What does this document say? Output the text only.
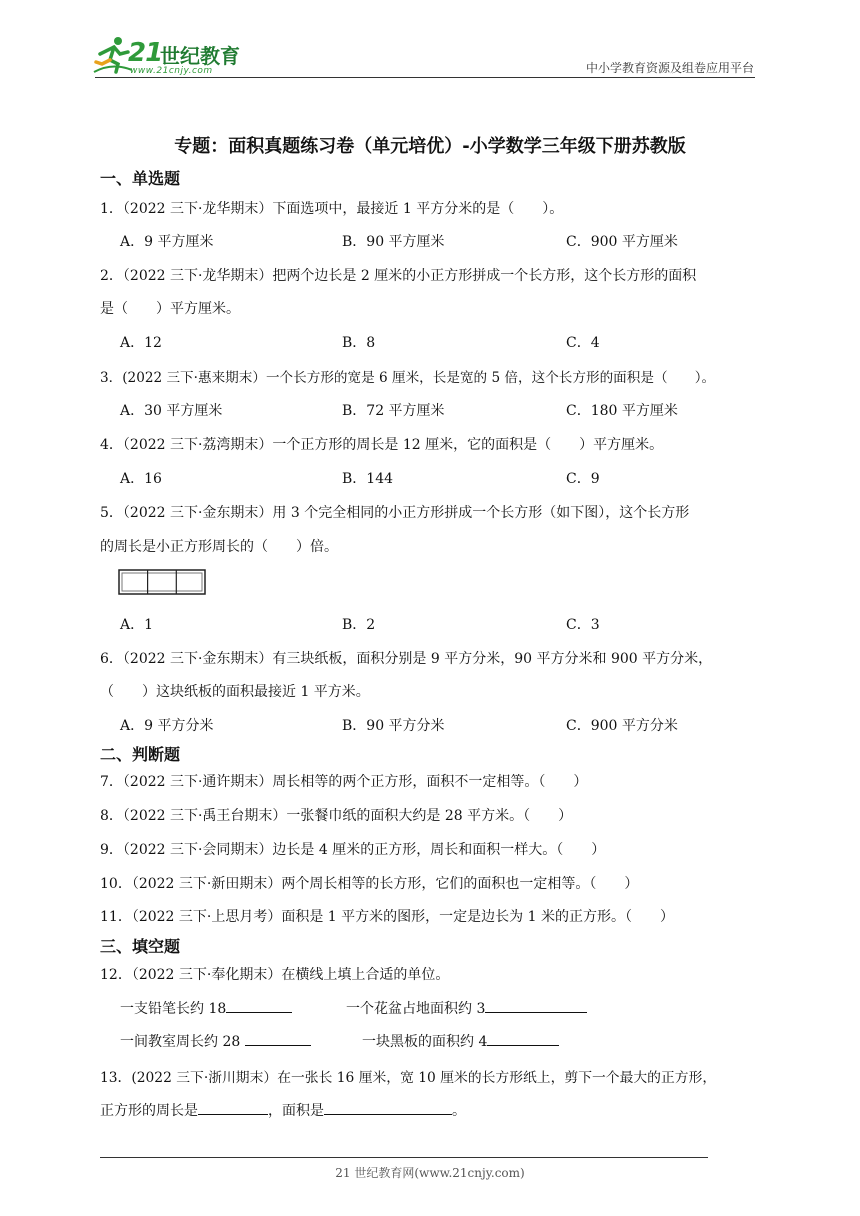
21
世纪教育
www.21cnjy.com	中小学教育资源及组卷应用平台
专题：面积真题练习卷（单元培优）-小学数学三年级下册苏教版
一、单选题
1．（2022 三下·龙华期末）下面选项中，最接近 1 平方分米的是（　　）。
A．9 平方厘米	B．90 平方厘米	C．900 平方厘米
2．（2022 三下·龙华期末）把两个边长是 2 厘米的小正方形拼成一个长方形，这个长方形的面积
是（　　）平方厘米。
A．12	B．8	C．4
3．(2022 三下·惠来期末）一个长方形的宽是 6 厘米，长是宽的 5 倍，这个长方形的面积是（　　）。
A．30 平方厘米	B．72 平方厘米	C．180 平方厘米
4．（2022 三下·荔湾期末）一个正方形的周长是 12 厘米，它的面积是（　　）平方厘米。
A．16	B．144	C．9
5．（2022 三下·金东期末）用 3 个完全相同的小正方形拼成一个长方形（如下图），这个长方形
的周长是小正方形周长的（　　）倍。
A．1	B．2	C．3
6．（2022 三下·金东期末）有三块纸板，面积分别是 9 平方分米，90 平方分米和 900 平方分米，
（　　）这块纸板的面积最接近 1 平方米。
A．9 平方分米	B．90 平方分米	C．900 平方分米
二、判断题
7．（2022 三下·通许期末）周长相等的两个正方形，面积不一定相等。（　　）
8．（2022 三下·禹王台期末）一张餐巾纸的面积大约是 28 平方米。（　　）
9．（2022 三下·会同期末）边长是 4 厘米的正方形，周长和面积一样大。（　　）
10．（2022 三下·新田期末）两个周长相等的长方形，它们的面积也一定相等。（　　）
11．（2022 三下·上思月考）面积是 1 平方米的图形，一定是边长为 1 米的正方形。（　　）
三、填空题
12．（2022 三下·奉化期末）在横线上填上合适的单位。
一支铅笔长约 18	一个花盆占地面积约 3
一间教室周长约 28	一块黑板的面积约 4
13．(2022 三下·浙川期末）在一张长 16 厘米，宽 10 厘米的长方形纸上，剪下一个最大的正方形，
正方形的周长是	，面积是	。
21 世纪教育网(www.21cnjy.com)
